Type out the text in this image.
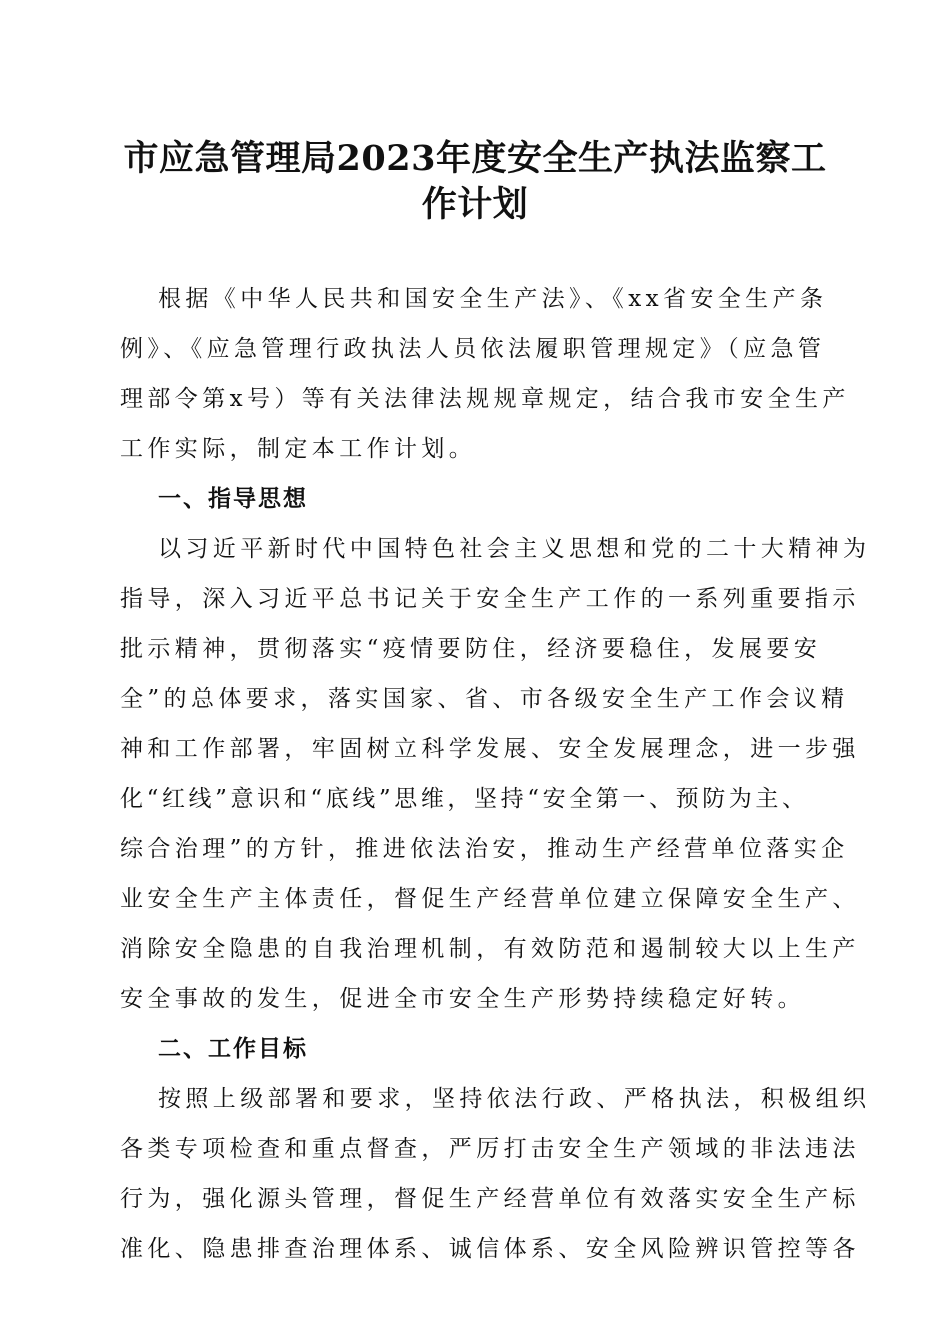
市应急管理局2023年度安全生产执法监察工
作计划
根据《中华人民共和国安全生产法》、《xx省安全生产条
例》、《应急管理行政执法人员依法履职管理规定》（应急管
理部令第x号）等有关法律法规规章规定，结合我市安全生产
工作实际，制定本工作计划。
一、指导思想
以习近平新时代中国特色社会主义思想和党的二十大精神为
指导，深入习近平总书记关于安全生产工作的一系列重要指示
批示精神，贯彻落实“疫情要防住，经济要稳住，发展要安
全”的总体要求，落实国家、省、市各级安全生产工作会议精
神和工作部署，牢固树立科学发展、安全发展理念，进一步强
化“红线”意识和“底线”思维，坚持“安全第一、预防为主、
综合治理”的方针，推进依法治安，推动生产经营单位落实企
业安全生产主体责任，督促生产经营单位建立保障安全生产、
消除安全隐患的自我治理机制，有效防范和遏制较大以上生产
安全事故的发生，促进全市安全生产形势持续稳定好转。
二、工作目标
按照上级部署和要求，坚持依法行政、严格执法，积极组织
各类专项检查和重点督查，严厉打击安全生产领域的非法违法
行为，强化源头管理，督促生产经营单位有效落实安全生产标
准化、隐患排查治理体系、诚信体系、安全风险辨识管控等各
